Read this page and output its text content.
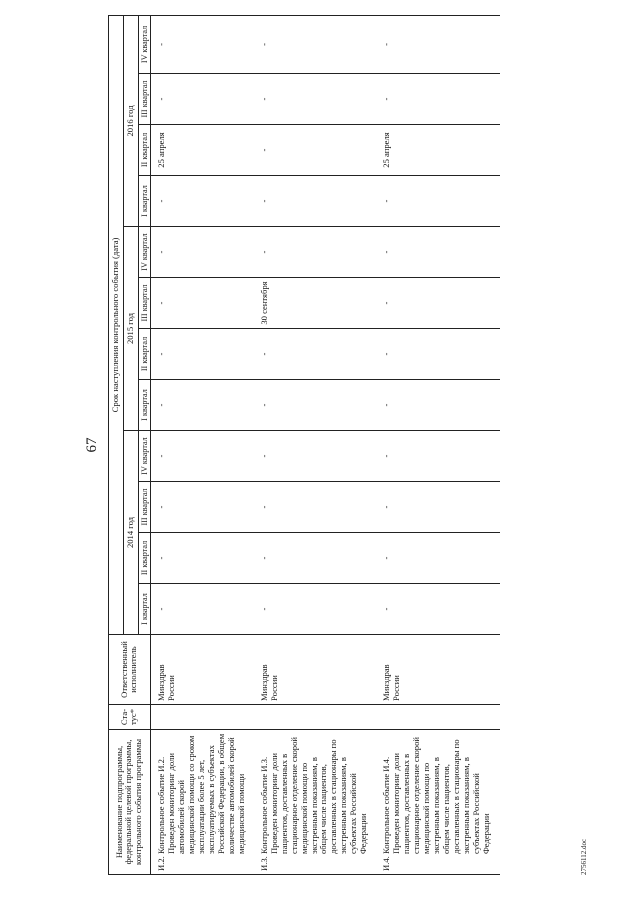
67
Наименование подпрограммы, федеральной целевой программы, контрольного события программы	Ста-тус*	Ответственный исполнитель	Срок наступления контрольного события (дата)											
			2014 год				2015 год				2016 год			
			I квартал	II квартал	III квартал	IV квартал	I квартал	II квартал	III квартал	IV квартал	I квартал	II квартал	III квартал	IV квартал

И.2.
Контрольное событие И.2. Проведен мониторинг доли автомобилей скорой медицинской помощи со сроком эксплуатации более 5 лет, эксплуатируемых в субъектах Российской Федерации, в общем количестве автомобилей скорой медицинской помощи		Минздрав России	-	-	-	-	-	-	-	-	-	25 апреля	-	-

И.3.
Контрольное событие И.3. Проведен мониторинг доли пациентов, доставленных в стационарное отделение скорой медицинской помощи по экстренным показаниям, в общем числе пациентов, доставленных в стационары по экстренным показаниям, в субъектах Российской Федерации		Минздрав России	-	-	-	-	-	-	30 сентября	-	-	-	-	-

И.4.
Контрольное событие И.4. Проведен мониторинг доли пациентов, доставленных в стационарное отделение скорой медицинской помощи по экстренным показаниям, в общем числе пациентов, доставленных в стационары по экстренным показаниям, в субъектах Российской Федерации		Минздрав России	-	-	-	-	-	-	-	-	-	25 апреля	-	-
2756112.doc
